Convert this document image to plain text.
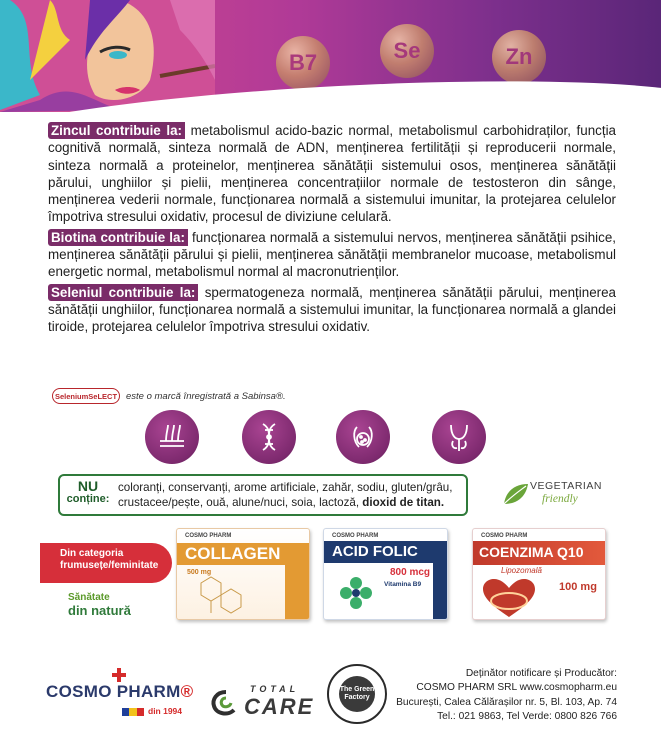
B7	Se	Zn

Zincul contribuie la: metabolismul acido-bazic normal, metabolismul carbohidraților, funcția cognitivă normală, sinteza normală de ADN, menținerea fertilității și reproducerii normale, sinteza normală a proteinelor, menținerea sănătății sistemului osos, menținerea sănătății părului, unghiilor și pielii, menținerea concentrațiilor normale de testosteron din sânge, menținerea vederii normale, funcționarea normală a sistemului imunitar, la protejarea celulelor împotriva stresului oxidativ, procesul de diviziune celulară.

Biotina contribuie la: funcționarea normală a sistemului nervos, menținerea sănătății psihice, menținerea sănătății părului și pielii, menținerea sănătății membranelor mucoase, metabolismul energetic normal, metabolismul normal al macronutrienților.

Seleniul contribuie la: spermatogeneza normală, menținerea sănătății părului, menținerea sănătății unghiilor, funcționarea normală a sistemului imunitar, la funcționarea normală a glandei tiroide, protejarea celulelor împotriva stresului oxidativ.

SeleniumSeLECT este o marcă înregistrată a Sabinsa®.
NU
conține:
coloranți, conservanți, arome artificiale, zahăr, sodiu, gluten/grâu, crustacee/pește, ouă, alune/nuci, soia, lactoză, dioxid de titan.
VEGETARIAN
friendly
Din categoria
frumusețe/feminitate
Sănătate
din natură
COSMO PHARM
COLLAGEN
500 mg
COSMO PHARM
ACID FOLIC
800 mcg
Vitamina B9
COSMO PHARM
COENZIMA Q10
Lipozomală
100 mg
COSMO PHARM®
din 1994
TOTAL
CARE
The Green Factory
Deținător notificare și Producător:
COSMO PHARM SRL www.cosmopharm.eu
București, Calea Călărașilor nr. 5, Bl. 103, Ap. 74
Tel.: 021 9863, Tel Verde: 0800 826 766
